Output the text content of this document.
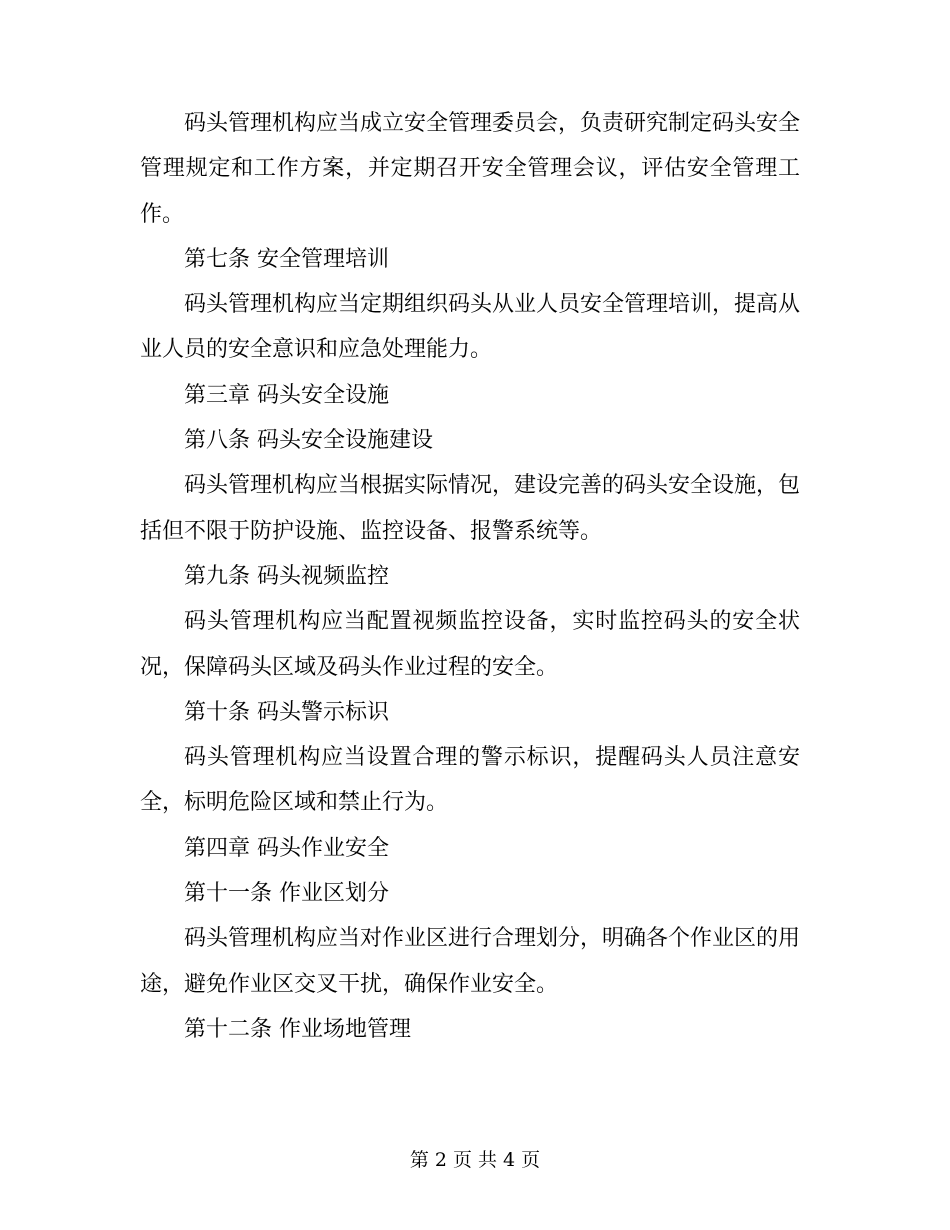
码头管理机构应当成立安全管理委员会，负责研究制定码头安全管理规定和工作方案，并定期召开安全管理会议，评估安全管理工作。

第七条 安全管理培训

码头管理机构应当定期组织码头从业人员安全管理培训，提高从业人员的安全意识和应急处理能力。

第三章 码头安全设施

第八条 码头安全设施建设

码头管理机构应当根据实际情况，建设完善的码头安全设施，包括但不限于防护设施、监控设备、报警系统等。

第九条 码头视频监控

码头管理机构应当配置视频监控设备，实时监控码头的安全状况，保障码头区域及码头作业过程的安全。

第十条 码头警示标识

码头管理机构应当设置合理的警示标识，提醒码头人员注意安全，标明危险区域和禁止行为。

第四章 码头作业安全

第十一条 作业区划分

码头管理机构应当对作业区进行合理划分，明确各个作业区的用途，避免作业区交叉干扰，确保作业安全。

第十二条 作业场地管理

第 2 页 共 4 页
